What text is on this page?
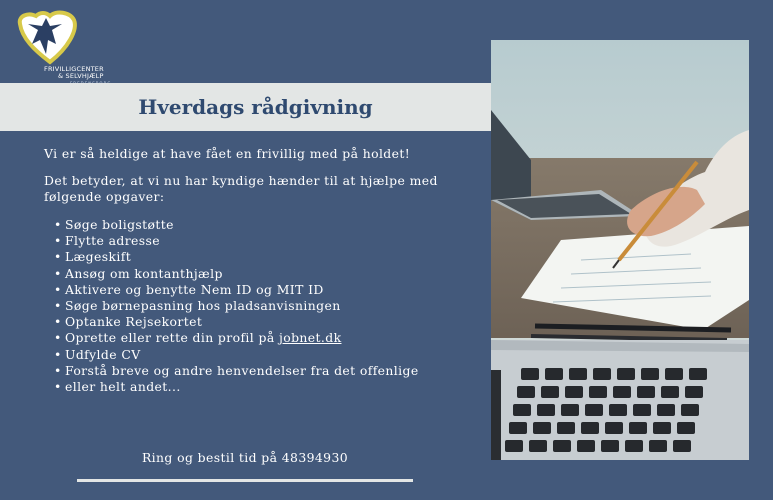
FRIVILLIGCENTER
& SELVHJÆLP
Hverdags rådgivning

Vi er så heldige at have fået en frivillig med på holdet!

Det betyder, at vi nu har kyndige hænder til at hjælpe med følgende opgaver:

• Søge boligstøtte
• Flytte adresse
• Lægeskift
• Ansøg om kontanthjælp
• Aktivere og benytte Nem ID og MIT ID
• Søge børnepasning hos pladsanvisningen
• Optanke Rejsekortet
• Oprette eller rette din profil på jobnet.dk
• Udfylde CV
• Forstå breve og andre henvendelser fra det offenlige
• eller helt andet...
Ring og bestil tid på 48394930
